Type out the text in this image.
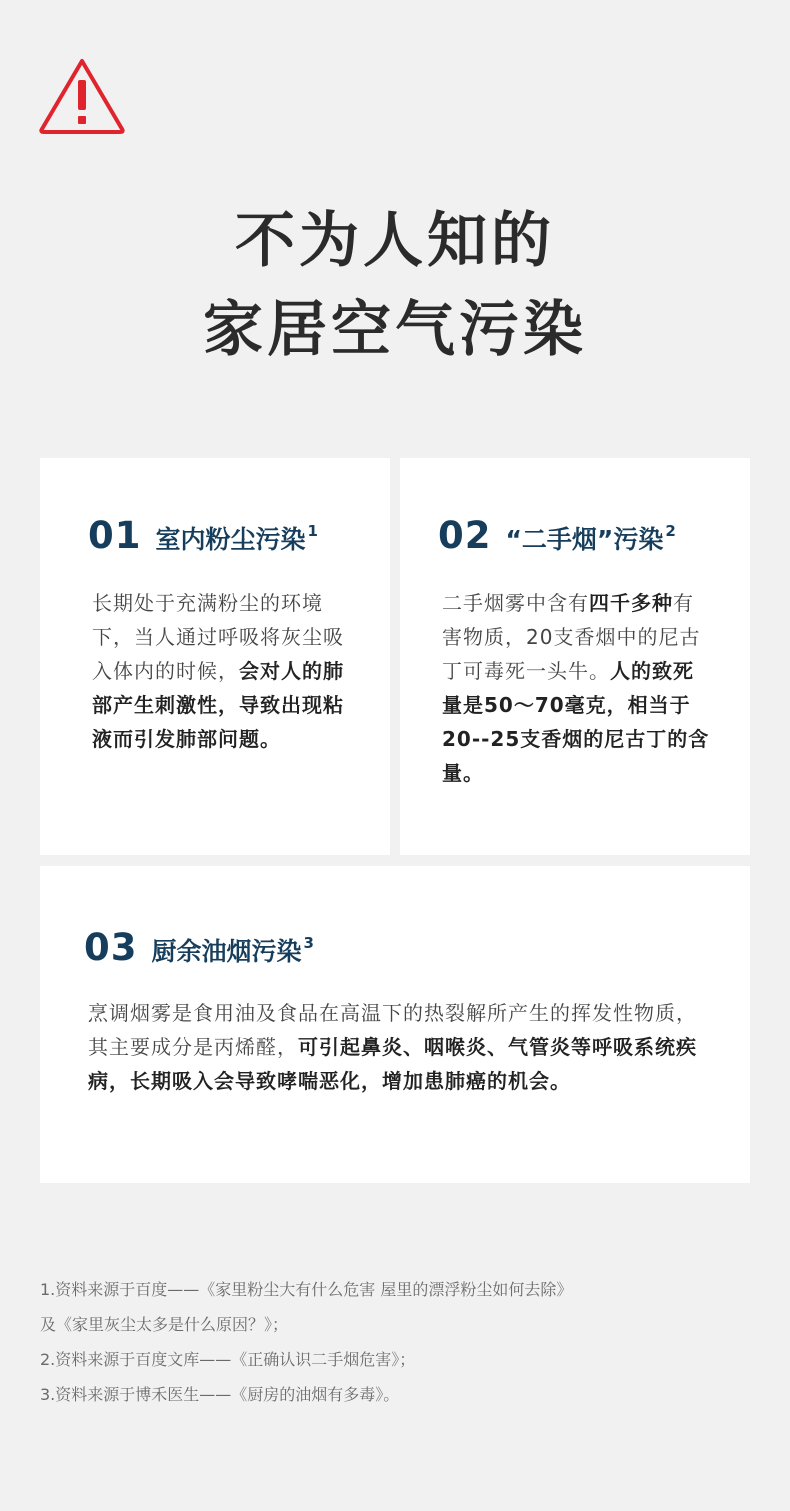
不为人知的
家居空气污染
01 室内粉尘污染 1
长期处于充满粉尘的环境下，当人通过呼吸将灰尘吸入体内的时候，会对人的肺部产生刺激性，导致出现粘液而引发肺部问题。
02 “二手烟”污染 2
二手烟雾中含有四千多种有害物质，20支香烟中的尼古丁可毒死一头牛。人的致死量是50～70毫克，相当于20--25支香烟的尼古丁的含量。
03 厨余油烟污染 3
烹调烟雾是食用油及食品在高温下的热裂解所产生的挥发性物质，其主要成分是丙烯醛，可引起鼻炎、咽喉炎、气管炎等呼吸系统疾病，长期吸入会导致哮喘恶化，增加患肺癌的机会。
1.资料来源于百度——《家里粉尘大有什么危害 屋里的漂浮粉尘如何去除》
及《家里灰尘太多是什么原因？》；
2.资料来源于百度文库——《正确认识二手烟危害》；
3.资料来源于博禾医生——《厨房的油烟有多毒》。
